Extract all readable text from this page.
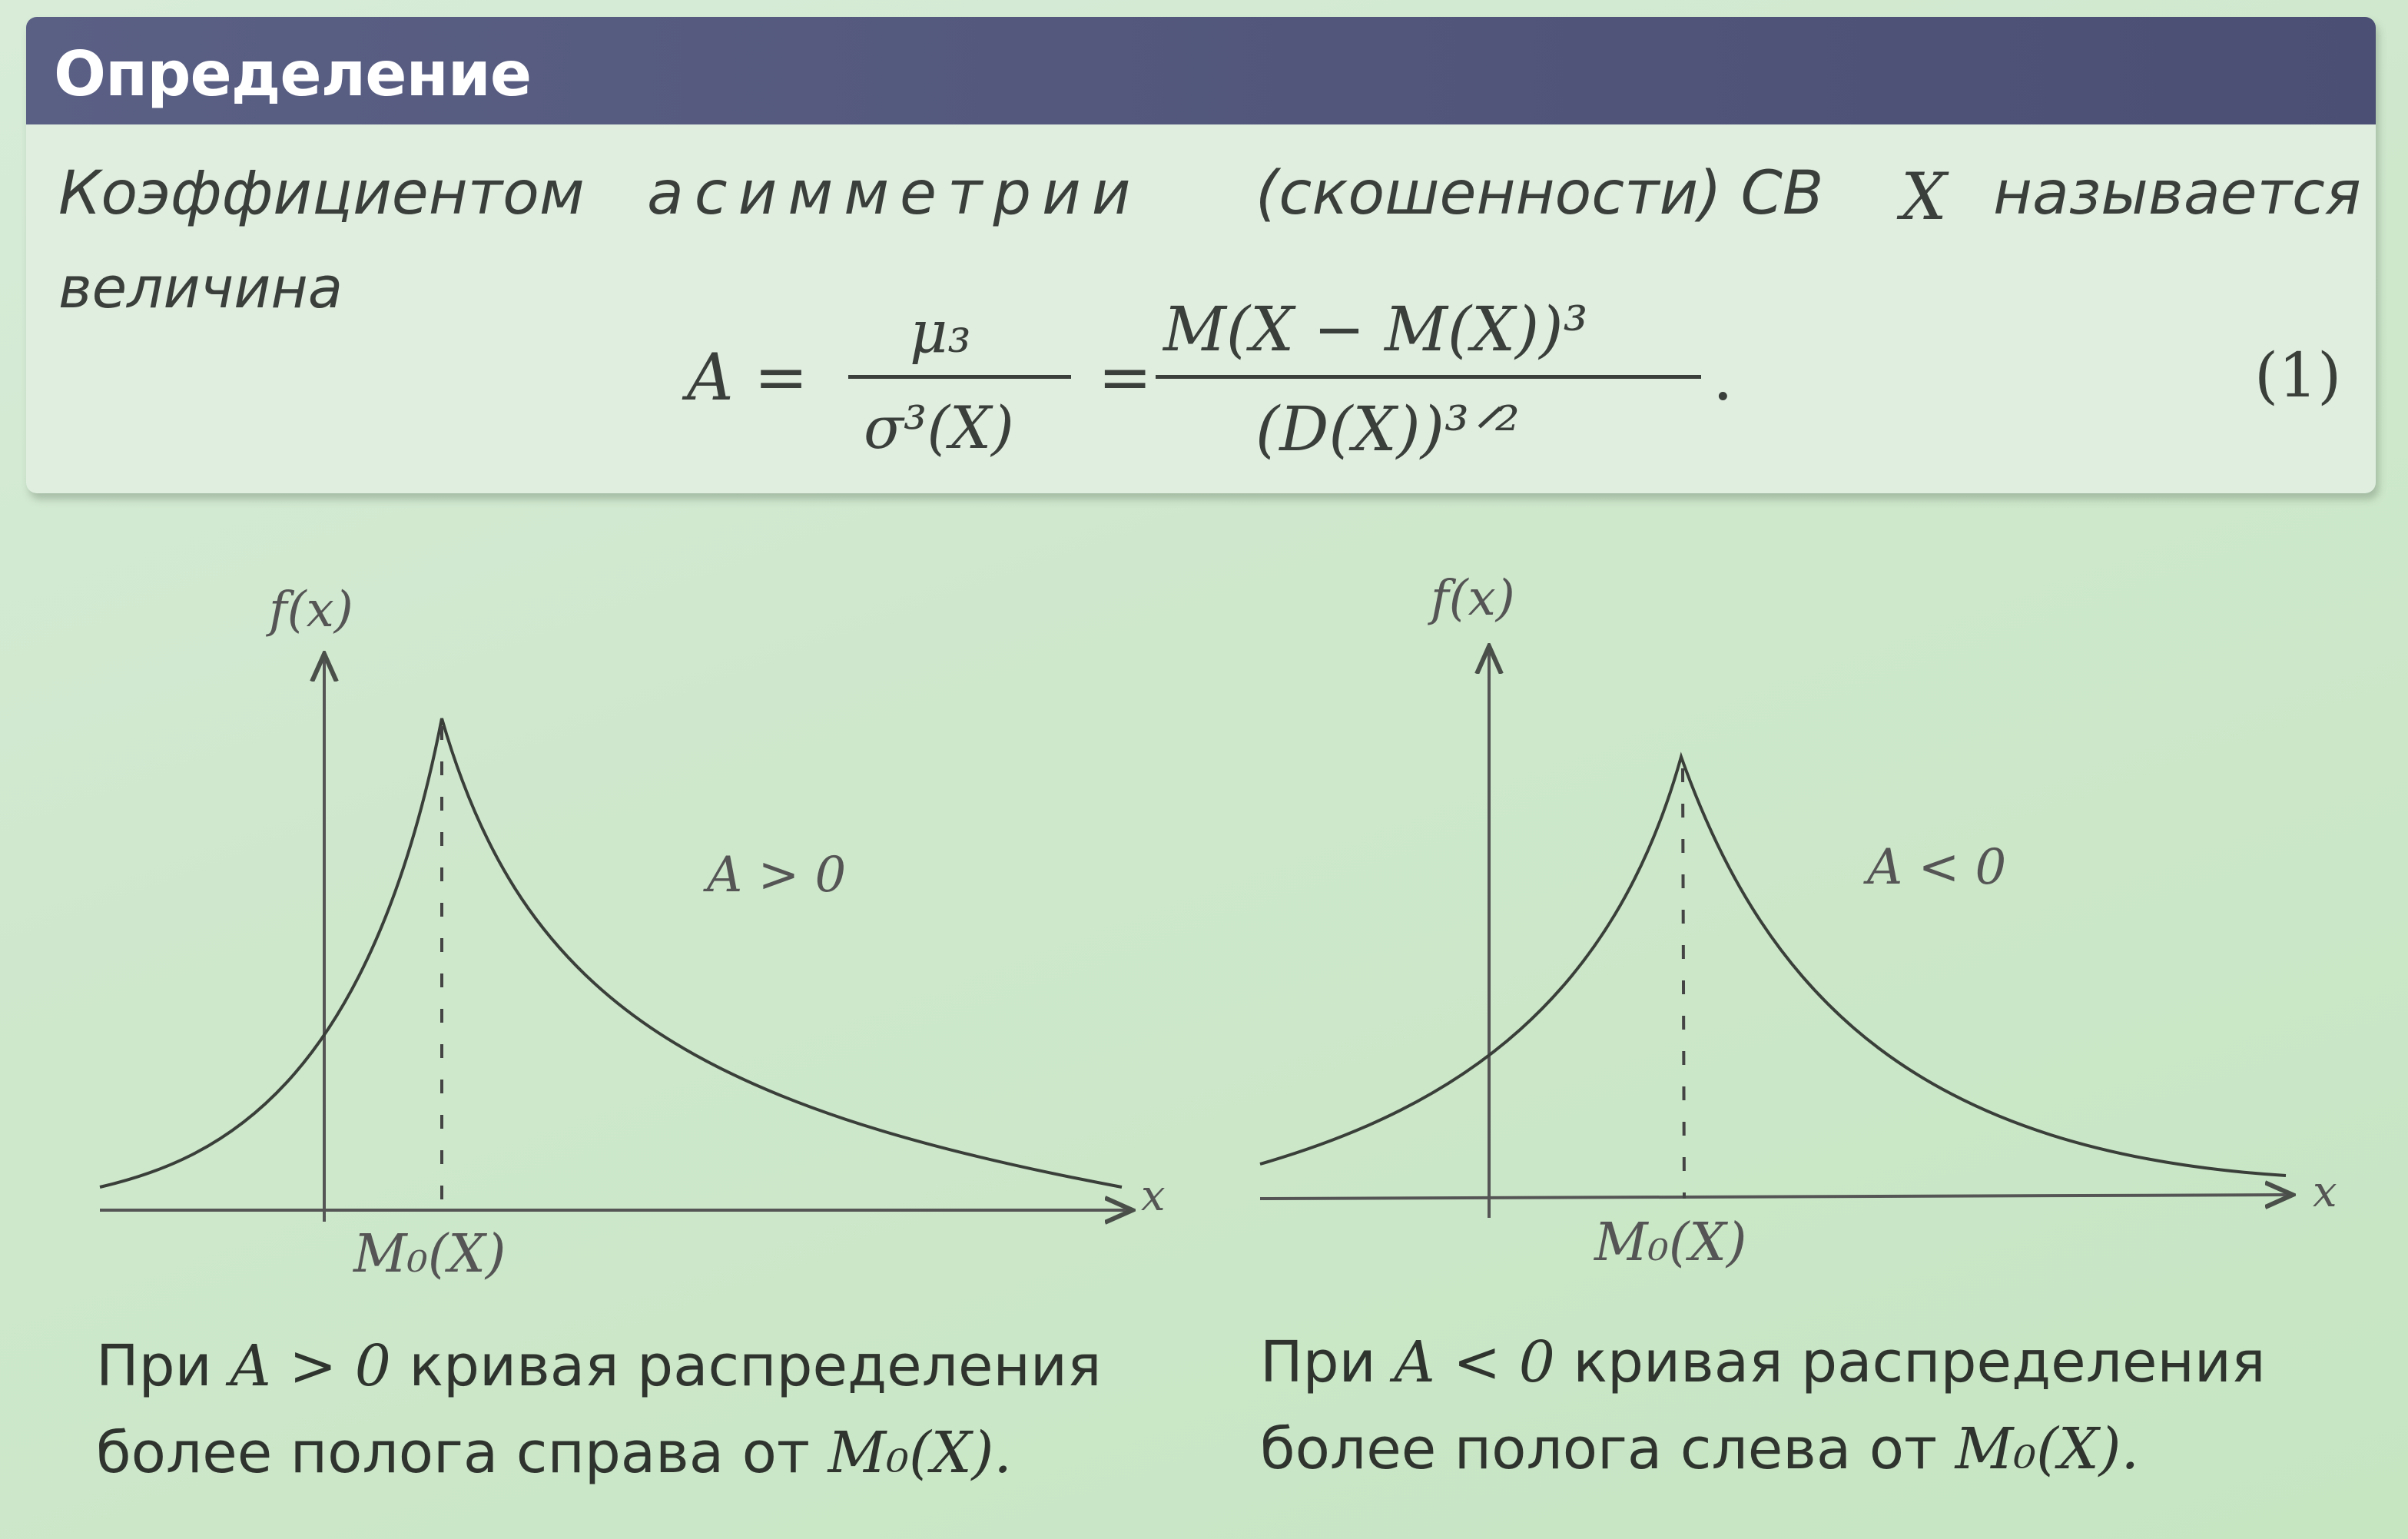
Определение
Коэффициентом асимметрии (скошенности) СВ X называется
величина
A =
μ₃
σ³(X)
=
M(X − M(X))³
(D(X))³ᐟ²
.	(1)
f(x)
x
M₀(X)
A > 0
f(x)
x
M₀(X)
A < 0
При A > 0 кривая распределения
более полога справа от M₀(X).
При A < 0 кривая распределения
более полога слева от M₀(X).
